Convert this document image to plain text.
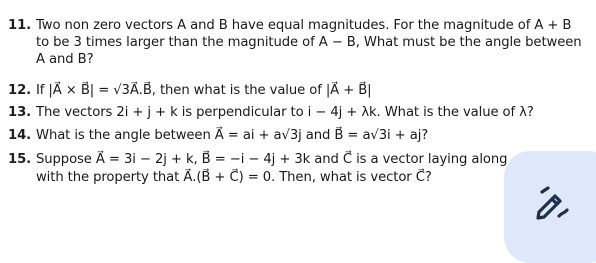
11. Two non zero vectors A and B have equal magnitudes. For the magnitude of A + B
to be 3 times larger than the magnitude of A − B, What must be the angle between
A and B?
12. If |A⃗ × B⃗| = √3A⃗.B⃗, then what is the value of |A⃗ + B⃗|
13. The vectors 2i + j + k is perpendicular to i − 4j + λk. What is the value of λ?
14. What is the angle between A⃗ = ai + a√3j and B⃗ = a√3i + aj?
15. Suppose A⃗ = 3i − 2j + k, B⃗ = −i − 4j + 3k and C⃗ is a vector laying along
with the property that A⃗.(B⃗ + C⃗) = 0. Then, what is vector C⃗?
